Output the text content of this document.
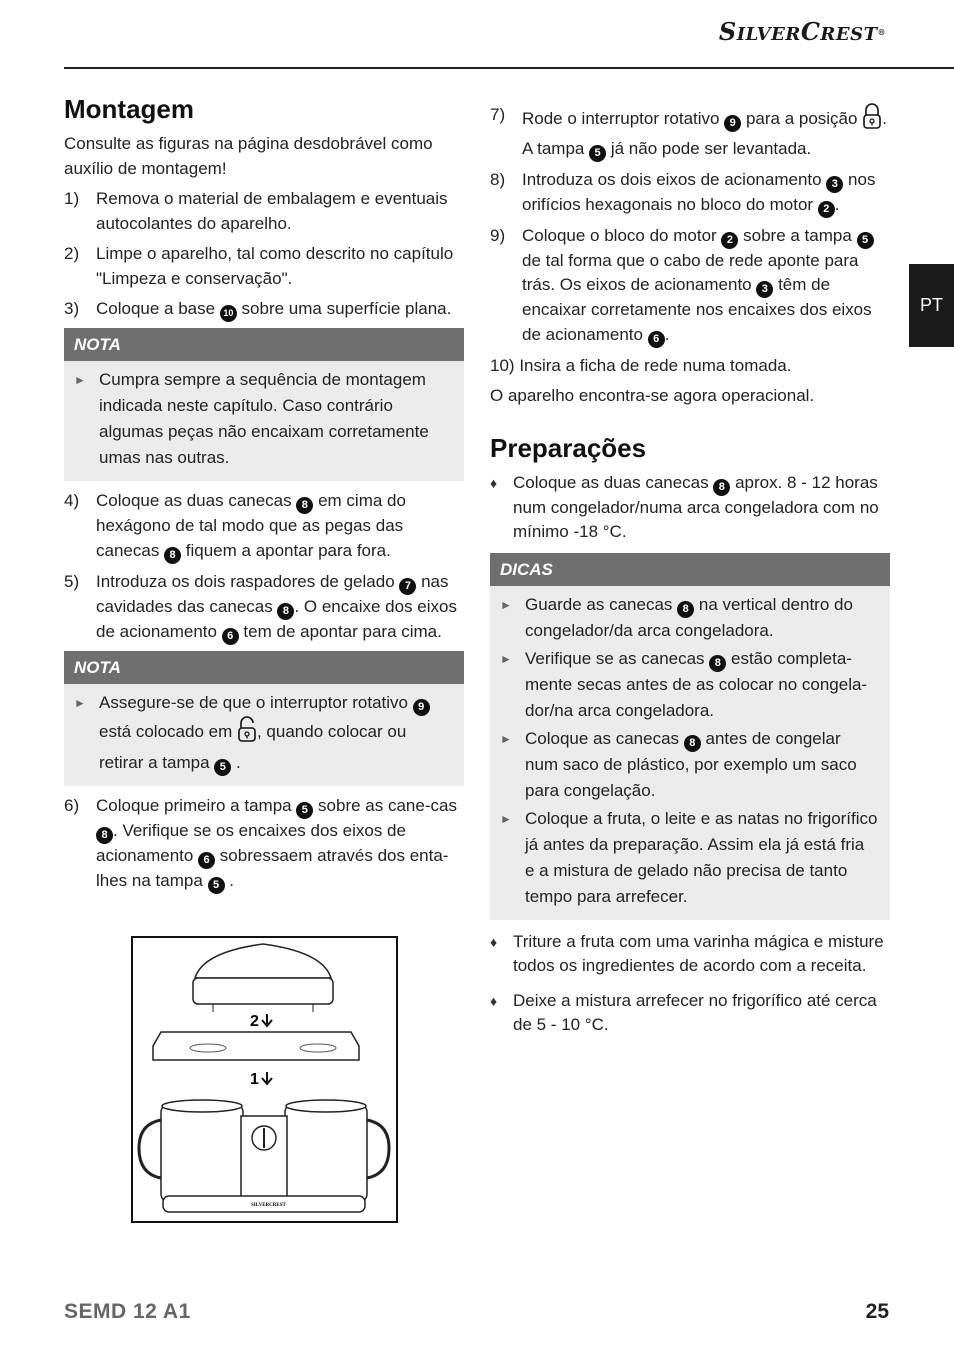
SILVERCREST®
PT
Montagem

Consulte as figuras na página desdobrável como auxílio de montagem!

1) Remova o material de embalagem e eventuais autocolantes do aparelho.
2) Limpe o aparelho, tal como descrito no capítulo "Limpeza e conservação".
3) Coloque a base 10 sobre uma superfície plana.
NOTA
► Cumpra sempre a sequência de montagem indicada neste capítulo. Caso contrário algumas peças não encaixam corretamente umas nas outras.
4) Coloque as duas canecas 8 em cima do hexágono de tal modo que as pegas das canecas 8 fiquem a apontar para fora.
5) Introduza os dois raspadores de gelado 7 nas cavidades das canecas 8 . O encaixe dos eixos de acionamento 6 tem de apontar para cima.
NOTA
► Assegure-se de que o interruptor rotativo 9 está colocado em , quando colocar ou retirar a tampa 5 .
6) Coloque primeiro a tampa 5 sobre as cane-cas 8 . Verifique se os encaixes dos eixos de acionamento 6 sobressaem através dos enta-lhes na tampa 5 .
2
1
SILVERCREST
7) Rode o interruptor rotativo 9 para a posição . A tampa 5 já não pode ser levantada.
8) Introduza os dois eixos de acionamento 3 nos orifícios hexagonais no bloco do motor 2 .
9) Coloque o bloco do motor 2 sobre a tampa 5 de tal forma que o cabo de rede aponte para trás. Os eixos de acionamento 3 têm de encaixar corretamente nos encaixes dos eixos de acionamento 6 .

10) Insira a ficha de rede numa tomada.

O aparelho encontra-se agora operacional.

Preparações
♦ Coloque as duas canecas 8 aprox. 8 - 12 horas num congelador/numa arca congeladora com no mínimo -18 °C.
DICAS
► Guarde as canecas 8 na vertical dentro do congelador/da arca congeladora.
► Verifique se as canecas 8 estão completa-mente secas antes de as colocar no congela-dor/na arca congeladora.
► Coloque as canecas 8 antes de congelar num saco de plástico, por exemplo um saco para congelação.
► Coloque a fruta, o leite e as natas no frigorífico já antes da preparação. Assim ela já está fria e a mistura de gelado não precisa de tanto tempo para arrefecer.
♦ Triture a fruta com uma varinha mágica e misture todos os ingredientes de acordo com a receita.
♦ Deixe a mistura arrefecer no frigorífico até cerca de 5 - 10 °C.
SEMD 12 A1	25
